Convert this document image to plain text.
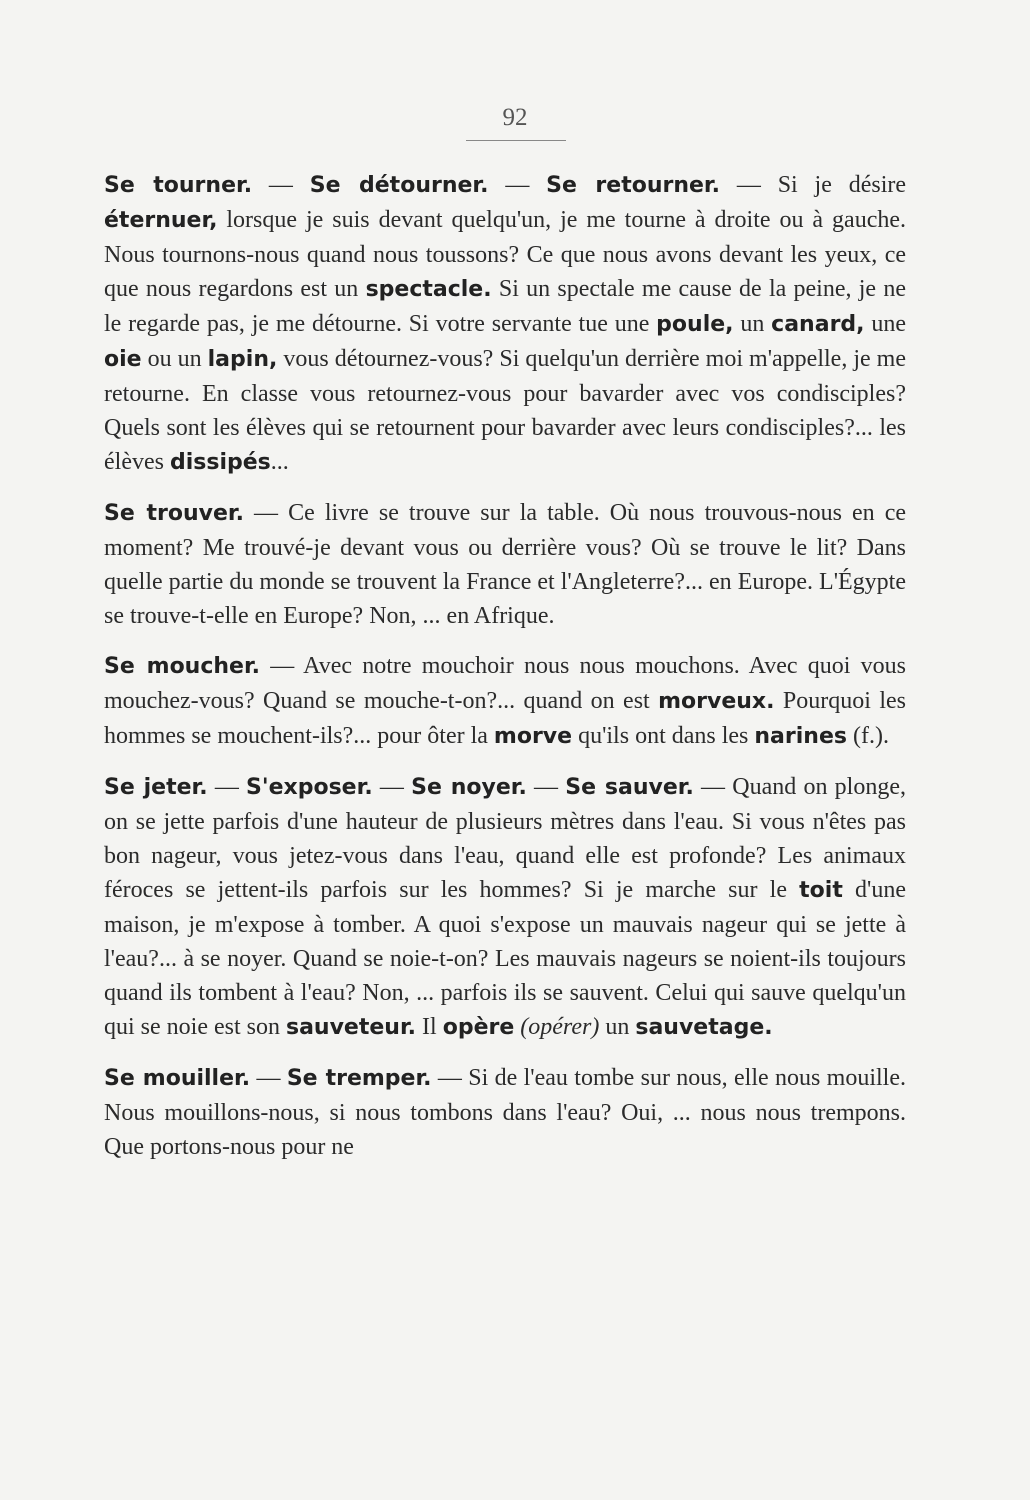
92

Se tourner. — Se détourner. — Se retourner. — Si je désire éternuer, lorsque je suis devant quelqu'un, je me tourne à droite ou à gauche. Nous tournons-nous quand nous toussons? Ce que nous avons devant les yeux, ce que nous regardons est un spectacle. Si un spectale me cause de la peine, je ne le regarde pas, je me détourne. Si votre servante tue une poule, un canard, une oie ou un lapin, vous détournez-vous? Si quelqu'un derrière moi m'appelle, je me retourne. En classe vous retournez-vous pour bavarder avec vos condisciples? Quels sont les élèves qui se retournent pour bavarder avec leurs condisciples?... les élèves dissipés...

Se trouver. — Ce livre se trouve sur la table. Où nous trouvous-nous en ce moment? Me trouvé-je devant vous ou derrière vous? Où se trouve le lit? Dans quelle partie du monde se trouvent la France et l'Angleterre?... en Europe. L'Égypte se trouve-t-elle en Europe? Non, ... en Afrique.

Se moucher. — Avec notre mouchoir nous nous mouchons. Avec quoi vous mouchez-vous? Quand se mouche-t-on?... quand on est morveux. Pourquoi les hommes se mouchent-ils?... pour ôter la morve qu'ils ont dans les narines (f.).

Se jeter. — S'exposer. — Se noyer. — Se sauver. — Quand on plonge, on se jette parfois d'une hauteur de plusieurs mètres dans l'eau. Si vous n'êtes pas bon nageur, vous jetez-vous dans l'eau, quand elle est profonde? Les animaux féroces se jettent-ils parfois sur les hommes? Si je marche sur le toit d'une maison, je m'expose à tomber. A quoi s'expose un mauvais nageur qui se jette à l'eau?... à se noyer. Quand se noie-t-on? Les mauvais nageurs se noient-ils toujours quand ils tombent à l'eau? Non, ... parfois ils se sauvent. Celui qui sauve quelqu'un qui se noie est son sauveteur. Il opère (opérer) un sauvetage.

Se mouiller. — Se tremper. — Si de l'eau tombe sur nous, elle nous mouille. Nous mouillons-nous, si nous tombons dans l'eau? Oui, ... nous nous trempons. Que portons-nous pour ne
